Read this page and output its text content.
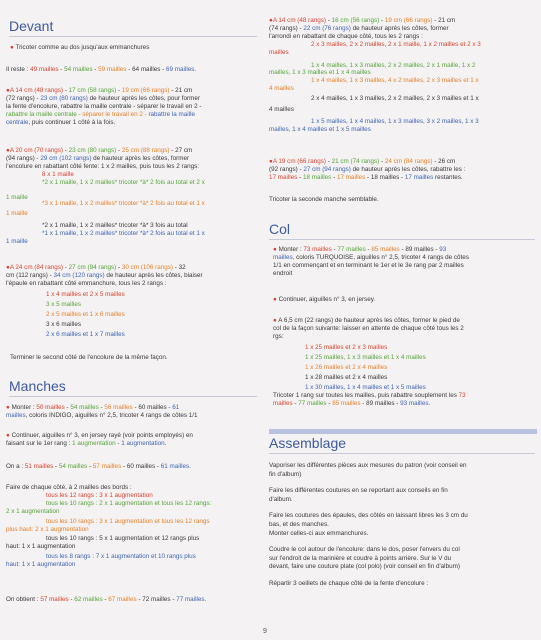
Devant
● Tricoter comme au dos jusqu'aux emmanchures
Il reste : 49 mailles - 54 mailles - 59 mailles - 64 mailles - 69 mailles.
●A 14 cm (48 rangs) - 17 cm (58 rangs) - 19 cm (66 rangs) - 21 cm
(72 rangs) - 23 cm (80 rangs) de hauteur après les côtes, pour former
la fente d'encolure, rabattre la maille centrale - séparer le travail en 2 -
rabattre la maille centrale - séparer le travail en 2 - rabattre la maille
centrale, puis continuer 1 côté à la fois.
●A 20 cm (70 rangs) - 23 cm (80 rangs) - 25 cm (88 rangs) - 27 cm
(94 rangs) - 29 cm (102 rangs) de hauteur après les côtes, former
l'encolure en rabattant côté fente: 1 x 2 mailles, puis tous les 2 rangs:
8 x 1 maille
*2 x 1 maille, 1 x 2 mailles* tricoter *à* 2 fois au total et 2 x
1 maille
*3 x 1 maille, 1 x 2 mailles* tricoter *à* 2 fois au total et 1 x
1 maille
*2 x 1 maille, 1 x 2 mailles* tricoter *à* 3 fois au total
*1 x 1 maille, 1 x 2 mailles* tricoter *à* 2 fois au total et 1 x
1 maille
●A 24 cm (84 rangs) - 27 cm (94 rangs) - 30 cm (106 rangs) - 32
cm (112 rangs) - 34 cm (120 rangs) de hauteur après les côtes, biaiser
l'épaule en rabattant côté emmanchure, tous les 2 rangs :
1 x 4 mailles et 2 x 5 mailles
3 x 5 mailles
2 x 5 mailles et 1 x 6 mailles
3 x 6 mailles
2 x 6 mailles et 1 x 7 mailles
Terminer le second côté de l'encolure de la même façon.
Manches
● Monter : 50 mailles - 54 mailles - 56 mailles - 60 mailles - 61
mailles, coloris INDIGO, aiguilles n° 2,5, tricoter 4 rangs de côtes 1/1
● Continuer, aiguilles n° 3, en jersey rayé (voir points employés) en
faisant sur le 1er rang : 1 augmentation - 1 augmentation.
On a : 51 mailles - 54 mailles - 57 mailles - 60 mailles - 61 mailles.
Faire de chaque côté, à 2 mailles des bords :
tous les 12 rangs : 3 x 1 augmentation
tous les 10 rangs : 2 x 1 augmentation et tous les 12 rangs:
2 x 1 augmentation
tous les 10 rangs : 3 x 1 augmentation et tous les 12 rangs
plus haut: 2 x 1 augmentation
tous les 10 rangs : 5 x 1 augmentation et 12 rangs plus
haut: 1 x 1 augmentation
tous les 8 rangs : 7 x 1 augmentation et 10 rangs plus
haut: 1 x 1 augmentation
On obtient : 57 mailles - 62 mailles - 67 mailles - 72 mailles - 77 mailles.
●A 14 cm (48 rangs) - 16 cm (56 rangs) - 19 cm (66 rangs) - 21 cm
(74 rangs) - 22 cm (76 rangs) de hauteur après les côtes, former
l'arrondi en rabattant de chaque côté, tous les 2 rangs :
2 x 3 mailles, 2 x 2 mailles, 2 x 1 maille, 1 x 2 mailles et 2 x 3
mailles
1 x 4 mailles, 1 x 3 mailles, 2 x 2 mailles, 2 x 1 maille, 1 x 2
mailles, 1 x 3 mailles et 1 x 4 mailles
1 x 4 mailles, 1 x 3 mailles, 4 x 2 mailles, 2 x 3 mailles et 1 x
4 mailles
2 x 4 mailles, 1 x 3 mailles, 2 x 2 mailles, 2 x 3 mailles et 1 x
4 mailles
1 x 5 mailles, 1 x 4 mailles, 1 x 3 mailles, 3 x 2 mailles, 1 x 3
mailles, 1 x 4 mailles et 1 x 5 mailles
●A 19 cm (66 rangs) - 21 cm (74 rangs) - 24 cm (84 rangs) - 26 cm
(92 rangs) - 27 cm (94 rangs) de hauteur après les côtes, rabattre les :
17 mailles - 18 mailles - 17 mailles - 18 mailles - 17 mailles restantes.
Tricoter la seconde manche semblable.
Col
● Monter : 73 mailles - 77 mailles - 85 mailles - 89 mailles - 93
mailles, coloris TURQUOISE, aiguilles n° 2,5, tricoter 4 rangs de côtes
1/1 en commençant et en terminant le 1er et le 3e rang par 2 mailles
endroit
● Continuer, aiguilles n° 3, en jersey.
● A 6,5 cm (22 rangs) de hauteur après les côtes, former le pied de
col de la façon suivante: laisser en attente de chaque côté tous les 2
rgs:
1 x 25 mailles et 2 x 3 mailles
1 x 25 mailles, 1 x 3 mailles et 1 x 4 mailles
1 x 26 mailles et 2 x 4 mailles
1 x 28 mailles et 2 x 4 mailles
1 x 30 mailles, 1 x 4 mailles et 1 x 5 mailles
Tricoter 1 rang sur toutes les mailles, puis rabattre souplement les 73
mailles - 77 mailles - 85 mailles - 89 mailles - 93 mailles.
Assemblage
Vaporiser les différentes pièces aux mesures du patron (voir conseil en
fin d'album)
Faire les différentes coutures en se reportant aux conseils en fin
d'album.
Faire les coutures des épaules, des côtés en laissant libres les 3 cm du
bas, et des manches.
Monter celles-ci aux emmanchures.
Coudre le col autour de l'encolure: dans le dos, poser l'envers du col
sur l'endroit de la marinière et coudre à points arrière. Sur le V du
devant, faire une couture plate (col polo) (voir conseil en fin d'album)
Répartir 3 oeillets de chaque côté de la fente d'encolure :
9
